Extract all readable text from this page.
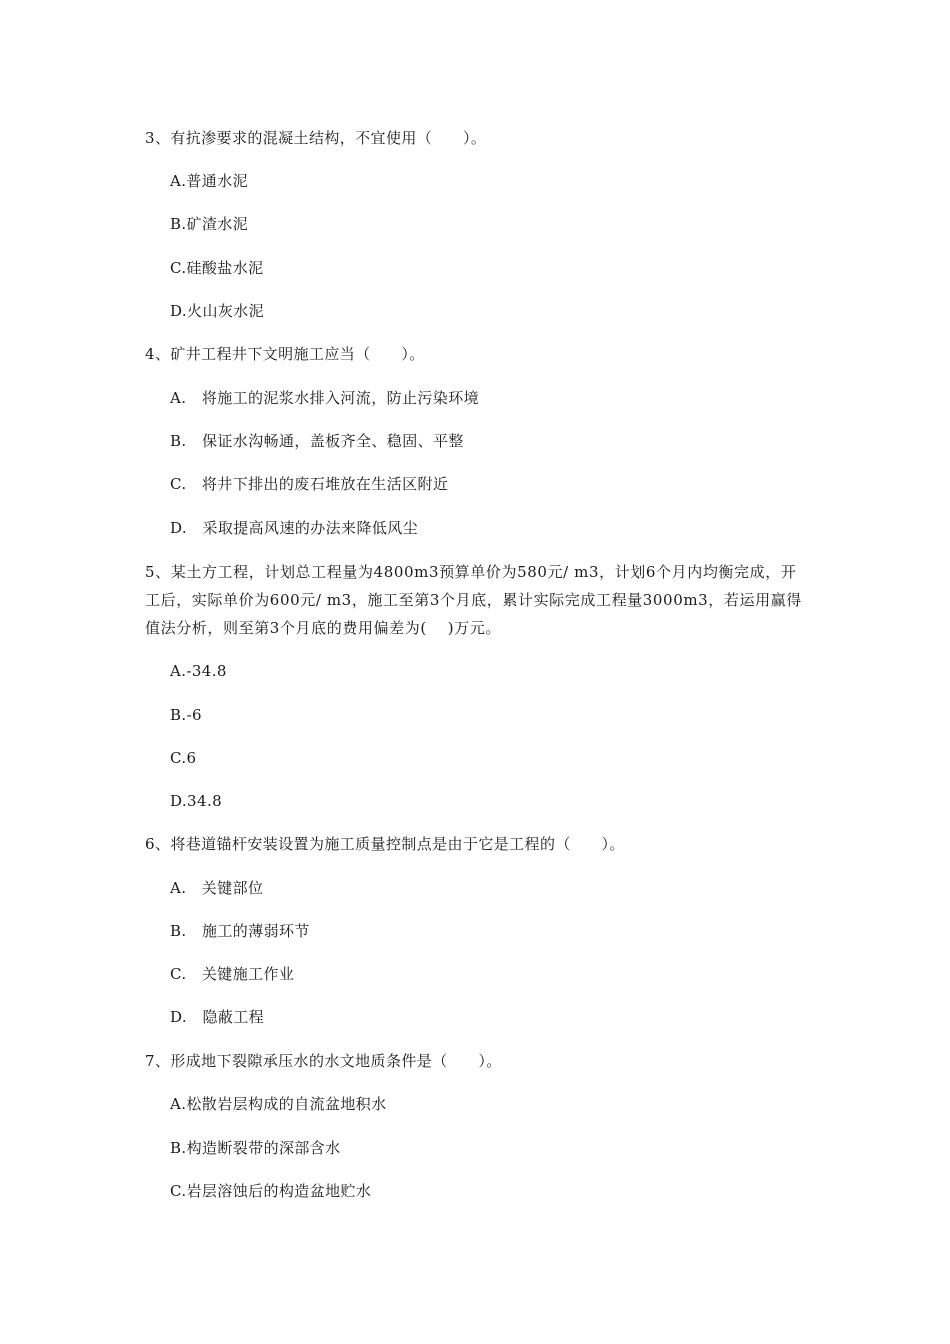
3、有抗渗要求的混凝土结构，不宜使用（　　）。
A.普通水泥
B.矿渣水泥
C.硅酸盐水泥
D.火山灰水泥
4、矿井工程井下文明施工应当（　　）。
A.　将施工的泥浆水排入河流，防止污染环境
B.　保证水沟畅通，盖板齐全、稳固、平整
C.　将井下排出的废石堆放在生活区附近
D.　采取提高风速的办法来降低风尘
5、某土方工程，计划总工程量为4800m3预算单价为580元/ m3，计划6个月内均衡完成，开工后，实际单价为600元/ m3，施工至第3个月底，累计实际完成工程量3000m3，若运用赢得值法分析，则至第3个月底的费用偏差为(　 )万元。
A.-34.8
B.-6
C.6
D.34.8
6、将巷道锚杆安装设置为施工质量控制点是由于它是工程的（　　）。
A.　关键部位
B.　施工的薄弱环节
C.　关键施工作业
D.　隐蔽工程
7、形成地下裂隙承压水的水文地质条件是（　　）。
A.松散岩层构成的自流盆地积水
B.构造断裂带的深部含水
C.岩层溶蚀后的构造盆地贮水
